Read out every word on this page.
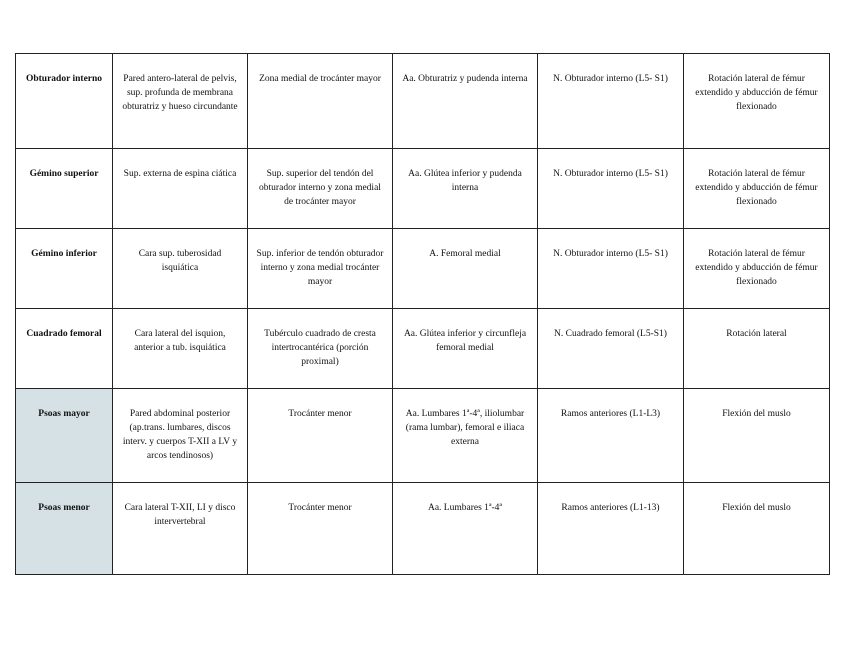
Obturador interno	Pared antero-lateral de pelvis, sup. profunda de membrana obturatriz y hueso circundante	Zona medial de trocánter mayor	Aa. Obturatriz y pudenda interna	N. Obturador interno (L5- S1)	Rotación lateral de fémur extendido y abducción de fémur flexionado
Gémino superior	Sup. externa de espina ciática	Sup. superior del tendón del obturador interno y zona medial de trocánter mayor	Aa. Glútea inferior y pudenda interna	N. Obturador interno (L5- S1)	Rotación lateral de fémur extendido y abducción de fémur flexionado
Gémino inferior	Cara sup. tuberosidad isquiática	Sup. inferior de tendón obturador interno y zona medial trocánter mayor	A. Femoral medial	N. Obturador interno (L5- S1)	Rotación lateral de fémur extendido y abducción de fémur flexionado
Cuadrado femoral	Cara lateral del isquion, anterior a tub. isquiática	Tubérculo cuadrado de cresta intertrocantérica (porción proximal)	Aa. Glútea inferior y circunfleja femoral medial	N. Cuadrado femoral (L5-S1)	Rotación lateral
Psoas mayor	Pared abdominal posterior (ap.trans. lumbares, discos interv. y cuerpos T-XII a LV y arcos tendinosos)	Trocánter menor	Aa. Lumbares 1ª-4ª, iliolumbar (rama lumbar), femoral e iliaca externa	Ramos anteriores (L1-L3)	Flexión del muslo
Psoas menor	Cara lateral T-XII, LI y disco intervertebral	Trocánter menor	Aa. Lumbares 1ª-4ª	Ramos anteriores (L1-13)	Flexión del muslo
